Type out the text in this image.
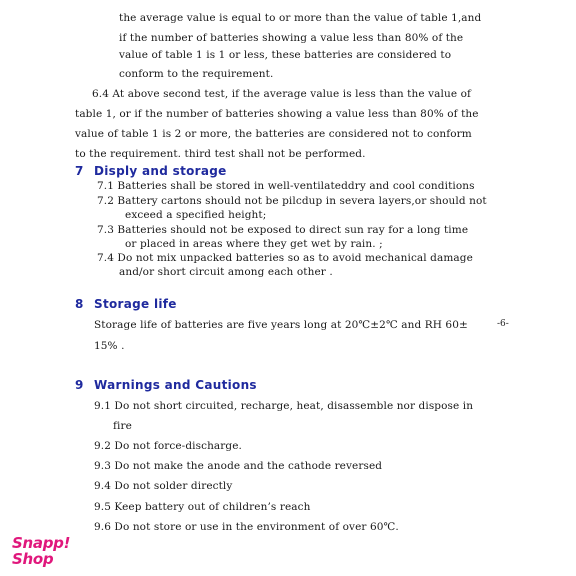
the average value is equal to or more than the value of table 1,and
if the number of batteries showing a value less than 80% of the
value of table 1 is 1 or less, these batteries are considered to
conform to the requirement.
6.4 At above second test, if the average value is less than the value of
table 1, or if the number of batteries showing a value less than 80% of the
value of table 1 is 2 or more, the batteries are considered not to conform
to the requirement. third test shall not be performed.
7 Disply and storage
7.1 Batteries shall be stored in well-ventilateddry and cool conditions
7.2 Battery cartons should not be pilcdup in severa layers,or should not
exceed a specified height;
7.3 Batteries should not be exposed to direct sun ray for a long time
or placed in areas where they get wet by rain. ;
7.4 Do not mix unpacked batteries so as to avoid mechanical damage
and/or short circuit among each other .
8 Storage life
Storage life of batteries are five years long at 20℃±2℃ and RH 60±	-6-
15% .
9 Warnings and Cautions
9.1 Do not short circuited, recharge, heat, disassemble nor dispose in
fire
9.2 Do not force-discharge.
9.3 Do not make the anode and the cathode reversed
9.4 Do not solder directly
9.5 Keep battery out of children’s reach
9.6 Do not store or use in the environment of over 60℃.
Snapp!
Shop
